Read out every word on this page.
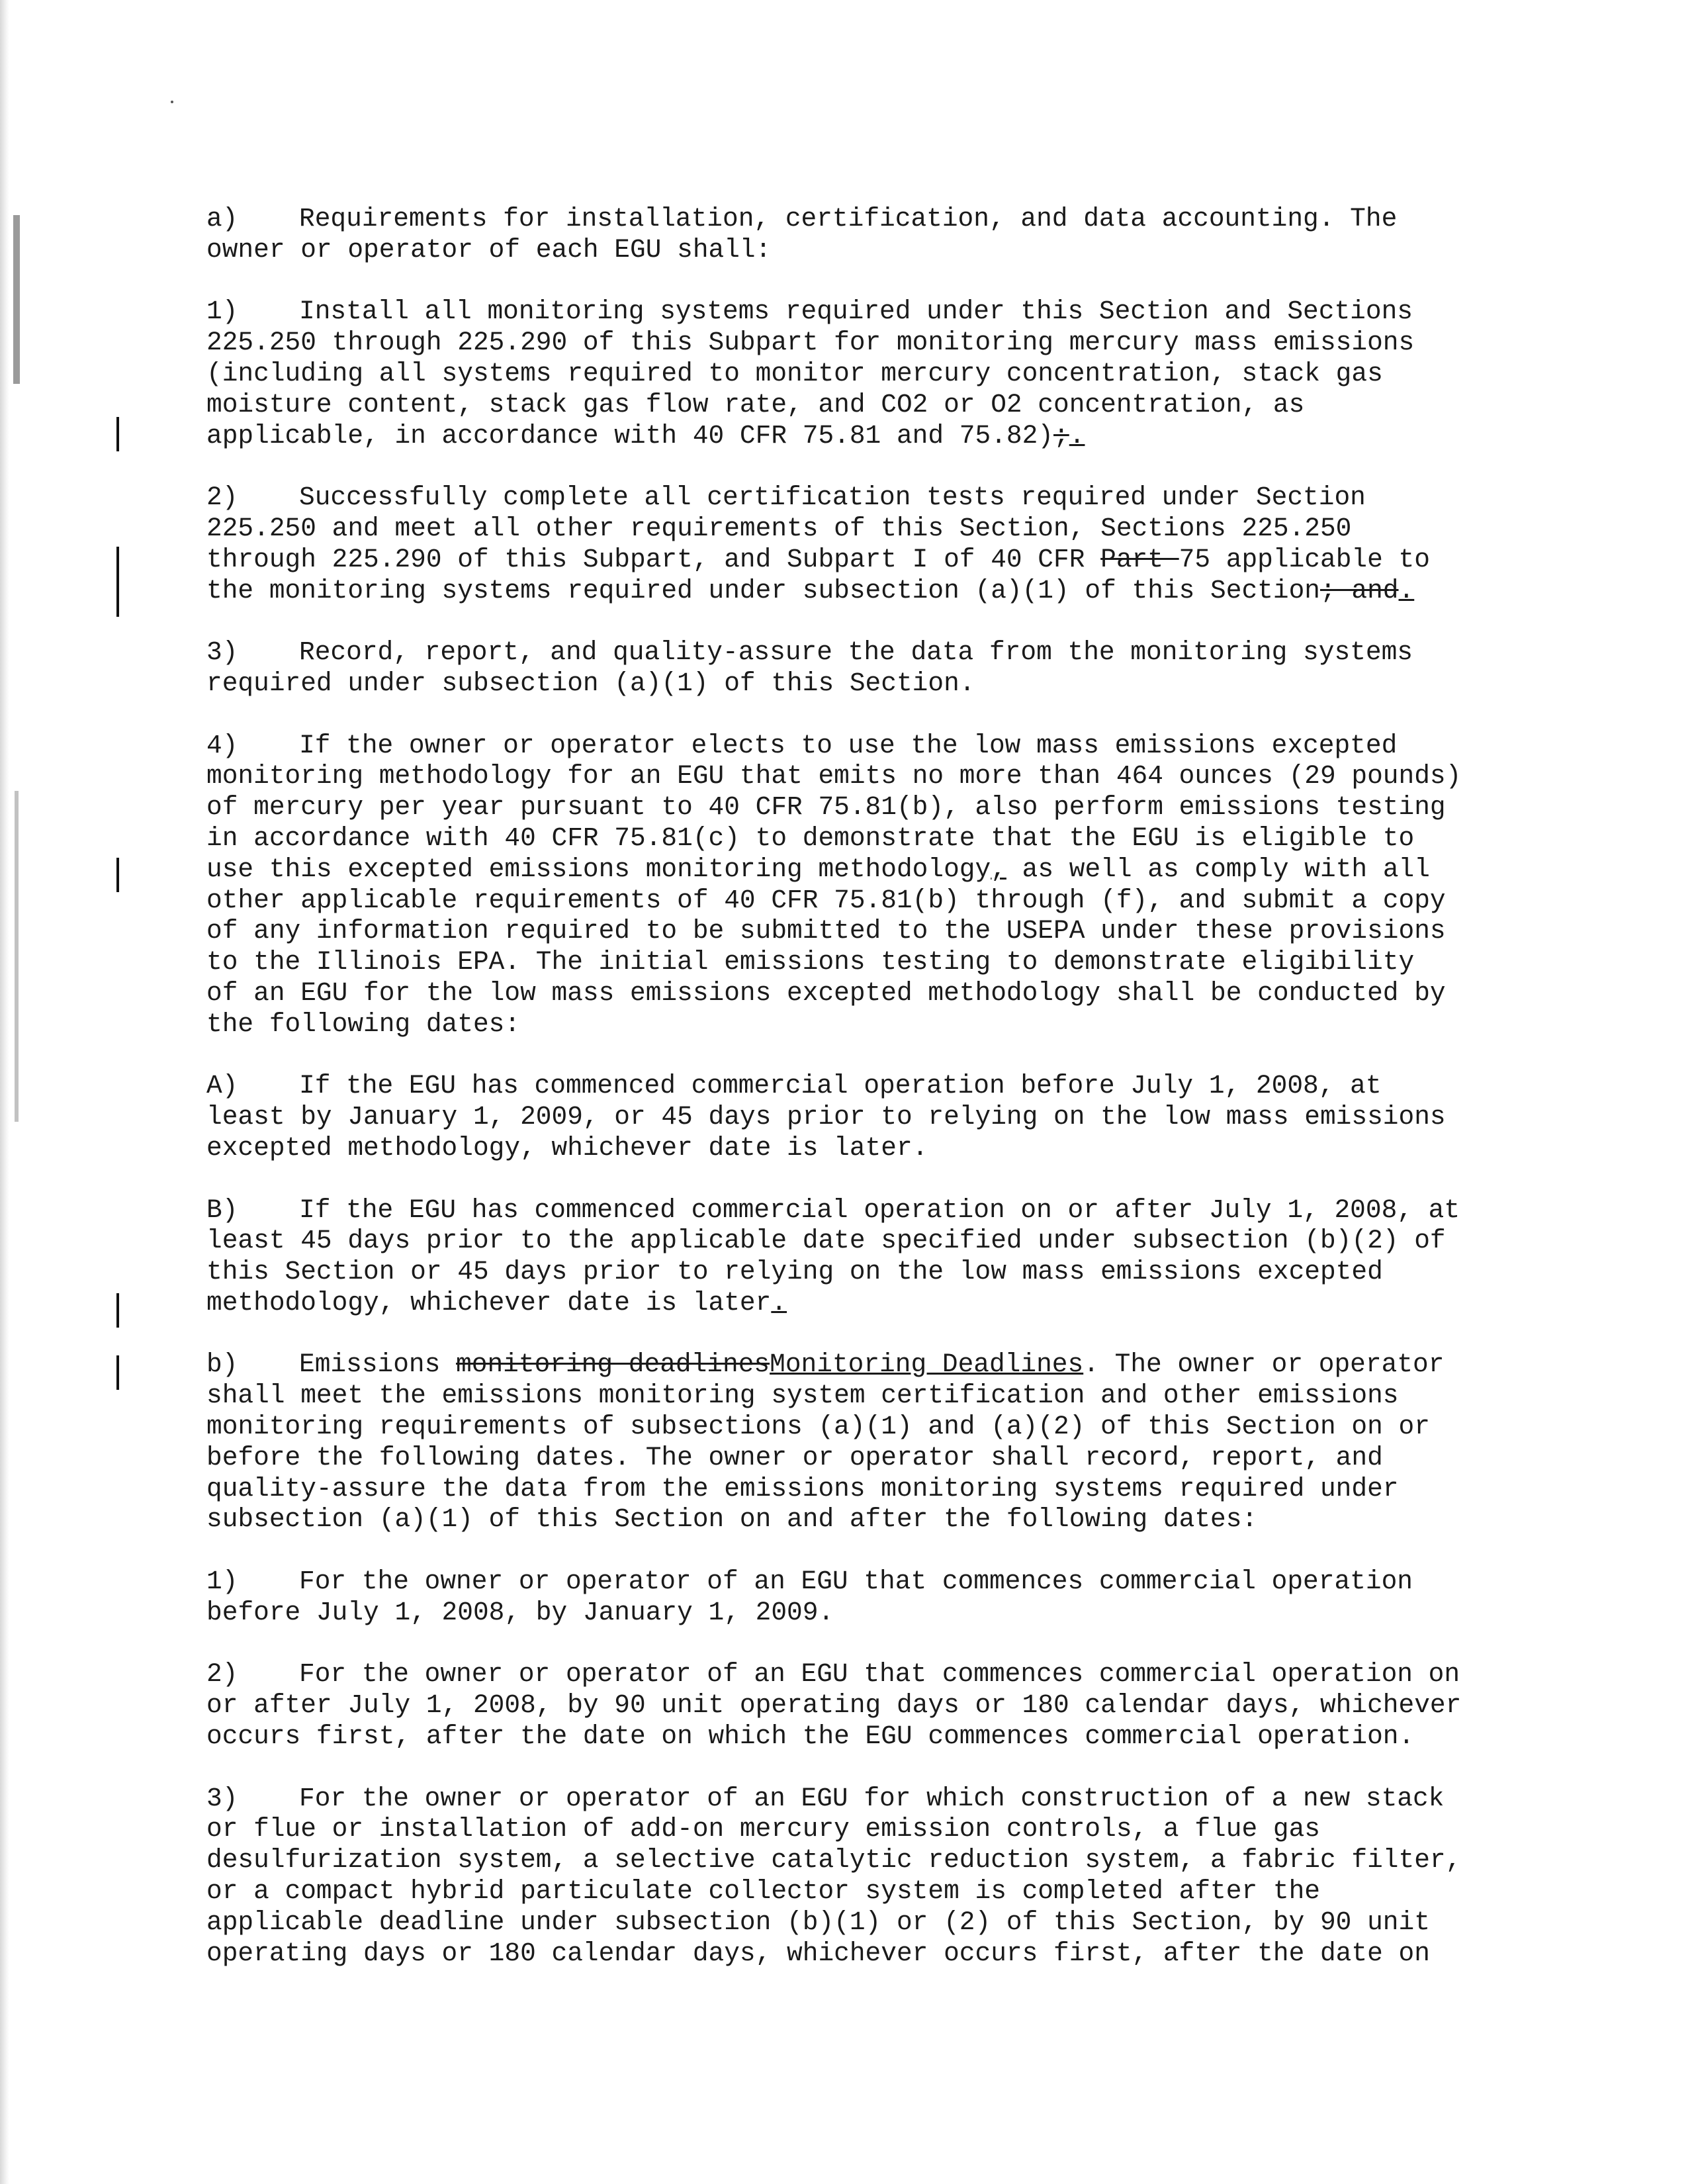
a) Requirements for installation, certification, and data accounting. The
owner or operator of each EGU shall:
1) Install all monitoring systems required under this Section and Sections
225.250 through 225.290 of this Subpart for monitoring mercury mass emissions
(including all systems required to monitor mercury concentration, stack gas
moisture content, stack gas flow rate, and CO2 or O2 concentration, as
applicable, in accordance with 40 CFR 75.81 and 75.82);.
2) Successfully complete all certification tests required under Section
225.250 and meet all other requirements of this Section, Sections 225.250
through 225.290 of this Subpart, and Subpart I of 40 CFR Part 75 applicable to
the monitoring systems required under subsection (a)(1) of this Section; and.
3) Record, report, and quality-assure the data from the monitoring systems
required under subsection (a)(1) of this Section.
4) If the owner or operator elects to use the low mass emissions excepted
monitoring methodology for an EGU that emits no more than 464 ounces (29 pounds)
of mercury per year pursuant to 40 CFR 75.81(b), also perform emissions testing
in accordance with 40 CFR 75.81(c) to demonstrate that the EGU is eligible to
use this excepted emissions monitoring methodology, as well as comply with all
other applicable requirements of 40 CFR 75.81(b) through (f), and submit a copy
of any information required to be submitted to the USEPA under these provisions
to the Illinois EPA. The initial emissions testing to demonstrate eligibility
of an EGU for the low mass emissions excepted methodology shall be conducted by
the following dates:
A) If the EGU has commenced commercial operation before July 1, 2008, at
least by January 1, 2009, or 45 days prior to relying on the low mass emissions
excepted methodology, whichever date is later.
B) If the EGU has commenced commercial operation on or after July 1, 2008, at
least 45 days prior to the applicable date specified under subsection (b)(2) of
this Section or 45 days prior to relying on the low mass emissions excepted
methodology, whichever date is later.
b) Emissions monitoring deadlinesMonitoring Deadlines. The owner or operator
shall meet the emissions monitoring system certification and other emissions
monitoring requirements of subsections (a)(1) and (a)(2) of this Section on or
before the following dates. The owner or operator shall record, report, and
quality-assure the data from the emissions monitoring systems required under
subsection (a)(1) of this Section on and after the following dates:
1) For the owner or operator of an EGU that commences commercial operation
before July 1, 2008, by January 1, 2009.
2) For the owner or operator of an EGU that commences commercial operation on
or after July 1, 2008, by 90 unit operating days or 180 calendar days, whichever
occurs first, after the date on which the EGU commences commercial operation.
3) For the owner or operator of an EGU for which construction of a new stack
or flue or installation of add-on mercury emission controls, a flue gas
desulfurization system, a selective catalytic reduction system, a fabric filter,
or a compact hybrid particulate collector system is completed after the
applicable deadline under subsection (b)(1) or (2) of this Section, by 90 unit
operating days or 180 calendar days, whichever occurs first, after the date on
